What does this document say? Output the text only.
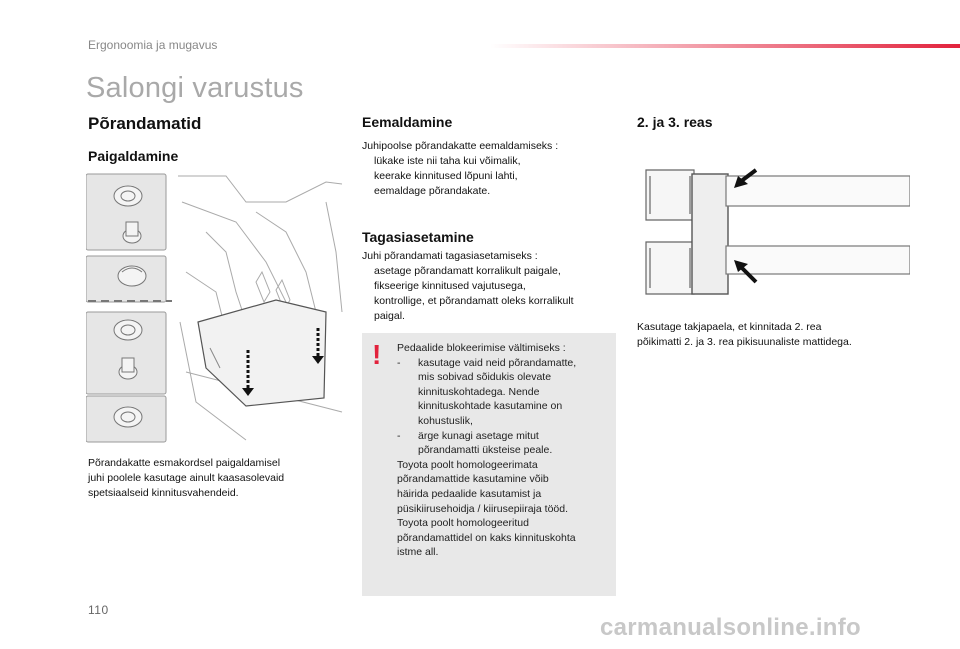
Ergonoomia ja mugavus
Salongi varustus
Põrandamatid
Paigaldamine
Põrandakatte esmakordsel paigaldamisel
juhi poolele kasutage ainult kaasasolevaid
spetsiaalseid kinnitusvahendeid.
Eemaldamine
Juhipoolse põrandakatte eemaldamiseks :
lükake iste nii taha kui võimalik,
keerake kinnitused lõpuni lahti,
eemaldage põrandakate.
Tagasiasetamine
Juhi põrandamati tagasiasetamiseks :
asetage põrandamatt korralikult paigale,
fikseerige kinnitused vajutusega,
kontrollige, et põrandamatt oleks korralikult
paigal.
! Pedaalide blokeerimise vältimiseks :
-	kasutage vaid neid põrandamatte,
mis sobivad sõidukis olevate
kinnituskohtadega. Nende
kinnituskohtade kasutamine on
kohustuslik,
-	ärge kunagi asetage mitut
põrandamatti üksteise peale.
Toyota poolt homologeerimata
põrandamattide kasutamine võib
häirida pedaalide kasutamist ja
püsikiirusehoidja / kiirusepiiraja tööd.
Toyota poolt homologeeritud
põrandamattidel on kaks kinnituskohta
istme all.
2. ja 3. reas
Kasutage takjapaela, et kinnitada 2. rea
põikimatti 2. ja 3. rea pikisuunaliste mattidega.
110
carmanualsonline.info
